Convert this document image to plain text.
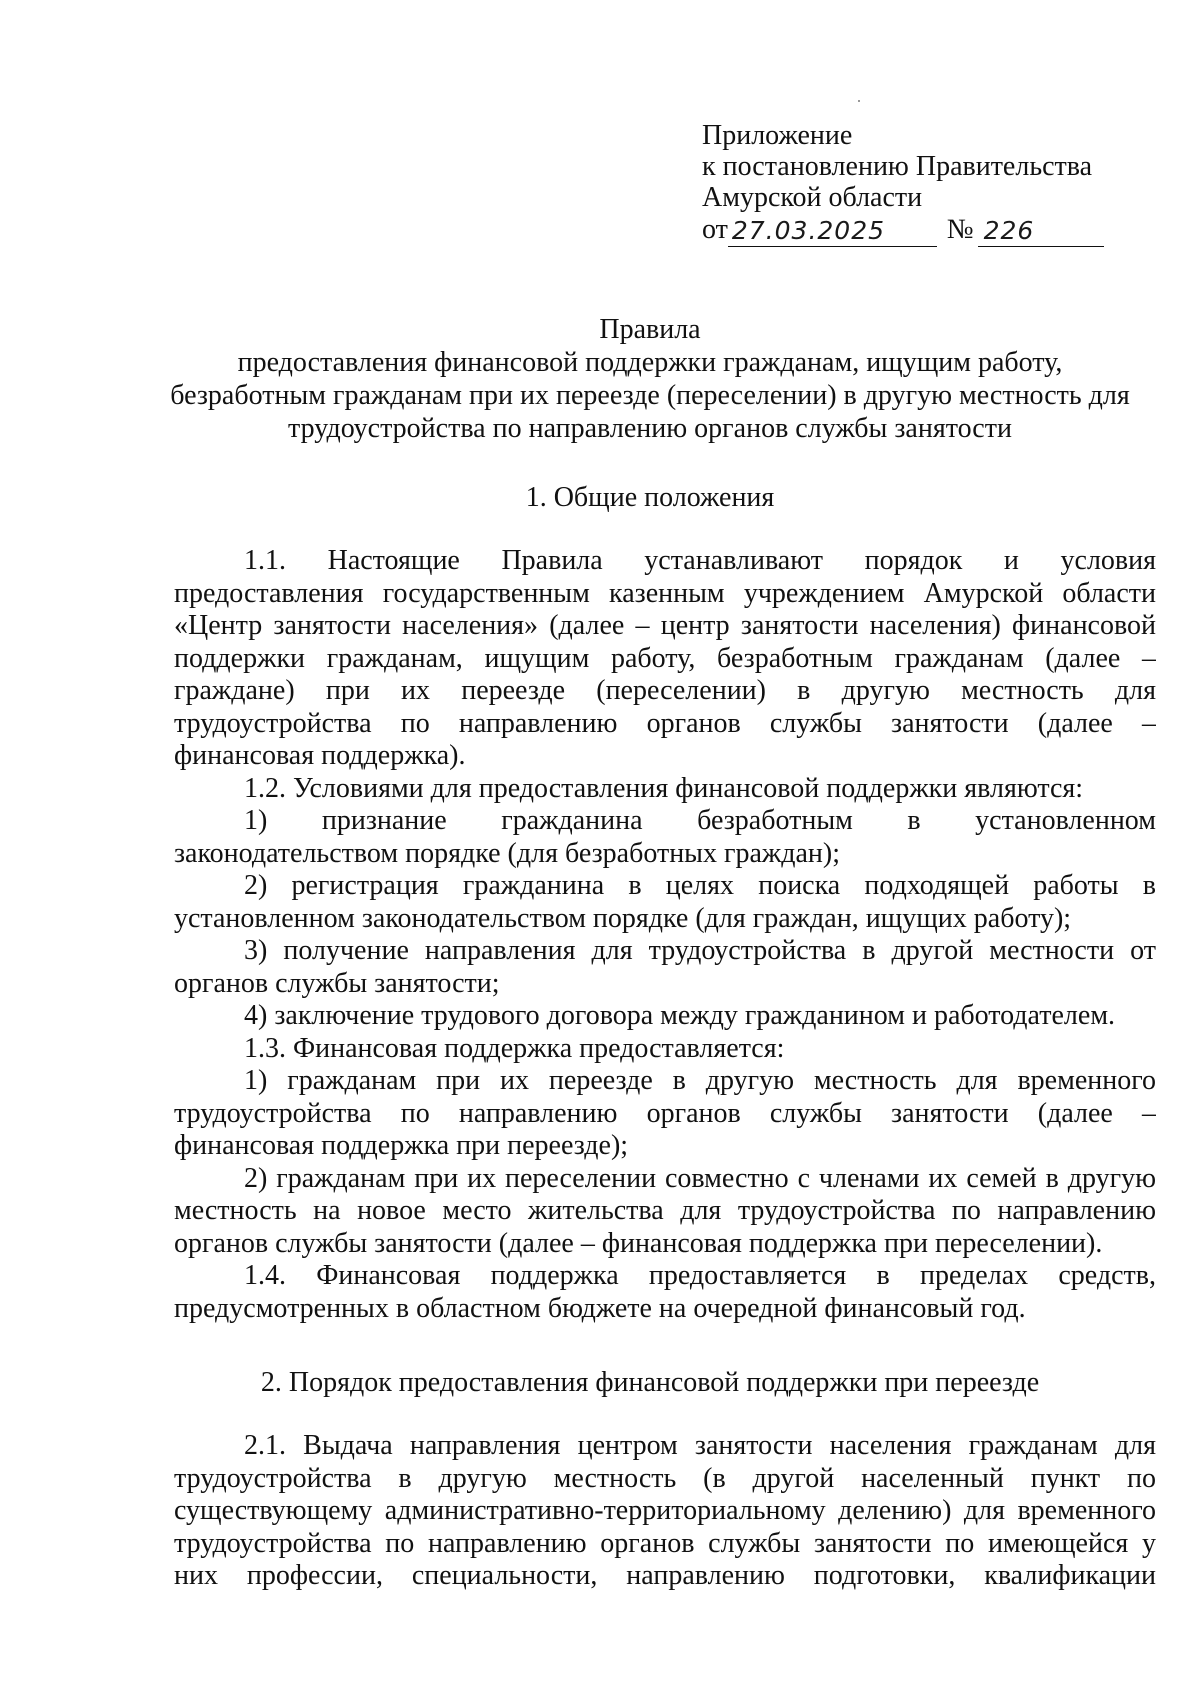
Приложение
к постановлению Правительства
Амурской области
от 27.03.2025	№ 226
Правила
предоставления финансовой поддержки гражданам, ищущим работу,
безработным гражданам при их переезде (переселении) в другую местность для
трудоустройства по направлению органов службы занятости
1. Общие положения
1.1. Настоящие Правила устанавливают порядок и условия
предоставления государственным казенным учреждением Амурской области
«Центр занятости населения» (далее – центр занятости населения) финансовой
поддержки гражданам, ищущим работу, безработным гражданам (далее –
граждане) при их переезде (переселении) в другую местность для
трудоустройства по направлению органов службы занятости (далее –
финансовая поддержка).
1.2. Условиями для предоставления финансовой поддержки являются:
1) признание гражданина безработным в установленном
законодательством порядке (для безработных граждан);
2) регистрация гражданина в целях поиска подходящей работы в
установленном законодательством порядке (для граждан, ищущих работу);
3) получение направления для трудоустройства в другой местности от
органов службы занятости;
4) заключение трудового договора между гражданином и работодателем.
1.3. Финансовая поддержка предоставляется:
1) гражданам при их переезде в другую местность для временного
трудоустройства по направлению органов службы занятости (далее –
финансовая поддержка при переезде);
2) гражданам при их переселении совместно с членами их семей в другую
местность на новое место жительства для трудоустройства по направлению
органов службы занятости (далее – финансовая поддержка при переселении).
1.4. Финансовая поддержка предоставляется в пределах средств,
предусмотренных в областном бюджете на очередной финансовый год.
2. Порядок предоставления финансовой поддержки при переезде
2.1. Выдача направления центром занятости населения гражданам для
трудоустройства в другую местность (в другой населенный пункт по
существующему административно-территориальному делению) для временного
трудоустройства по направлению органов службы занятости по имеющейся у
них профессии, специальности, направлению подготовки, квалификации
